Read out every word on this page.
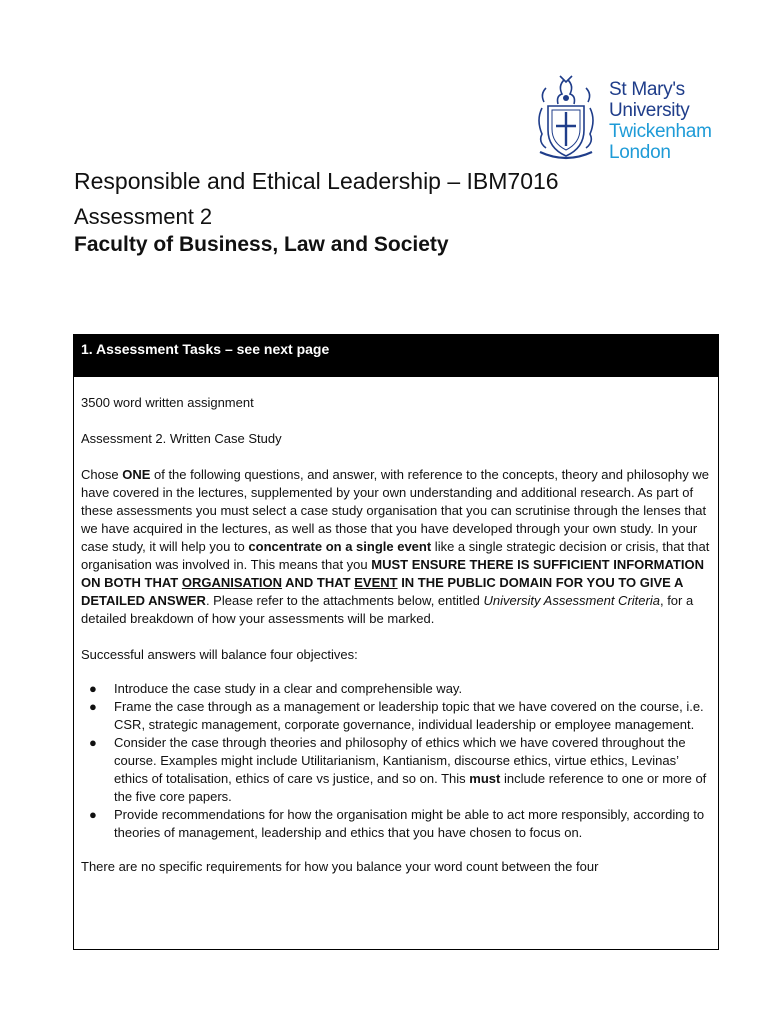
St Mary's
University
Twickenham
London
Responsible and Ethical Leadership – IBM7016
Assessment 2
Faculty of Business, Law and Society
1. Assessment Tasks – see next page

3500 word written assignment

Assessment 2. Written Case Study

Chose ONE of the following questions, and answer, with reference to the concepts, theory and philosophy we have covered in the lectures, supplemented by your own understanding and additional research. As part of these assessments you must select a case study organisation that you can scrutinise through the lenses that we have acquired in the lectures, as well as those that you have developed through your own study. In your case study, it will help you to concentrate on a single event like a single strategic decision or crisis, that that organisation was involved in. This means that you MUST ENSURE THERE IS SUFFICIENT INFORMATION ON BOTH THAT ORGANISATION AND THAT EVENT IN THE PUBLIC DOMAIN FOR YOU TO GIVE A DETAILED ANSWER. Please refer to the attachments below, entitled University Assessment Criteria, for a detailed breakdown of how your assessments will be marked.

Successful answers will balance four objectives:

● Introduce the case study in a clear and comprehensible way.
● Frame the case through as a management or leadership topic that we have covered on the course, i.e. CSR, strategic management, corporate governance, individual leadership or employee management.
● Consider the case through theories and philosophy of ethics which we have covered throughout the course. Examples might include Utilitarianism, Kantianism, discourse ethics, virtue ethics, Levinas’ ethics of totalisation, ethics of care vs justice, and so on. This must include reference to one or more of the five core papers.
● Provide recommendations for how the organisation might be able to act more responsibly, according to theories of management, leadership and ethics that you have chosen to focus on.

There are no specific requirements for how you balance your word count between the four
